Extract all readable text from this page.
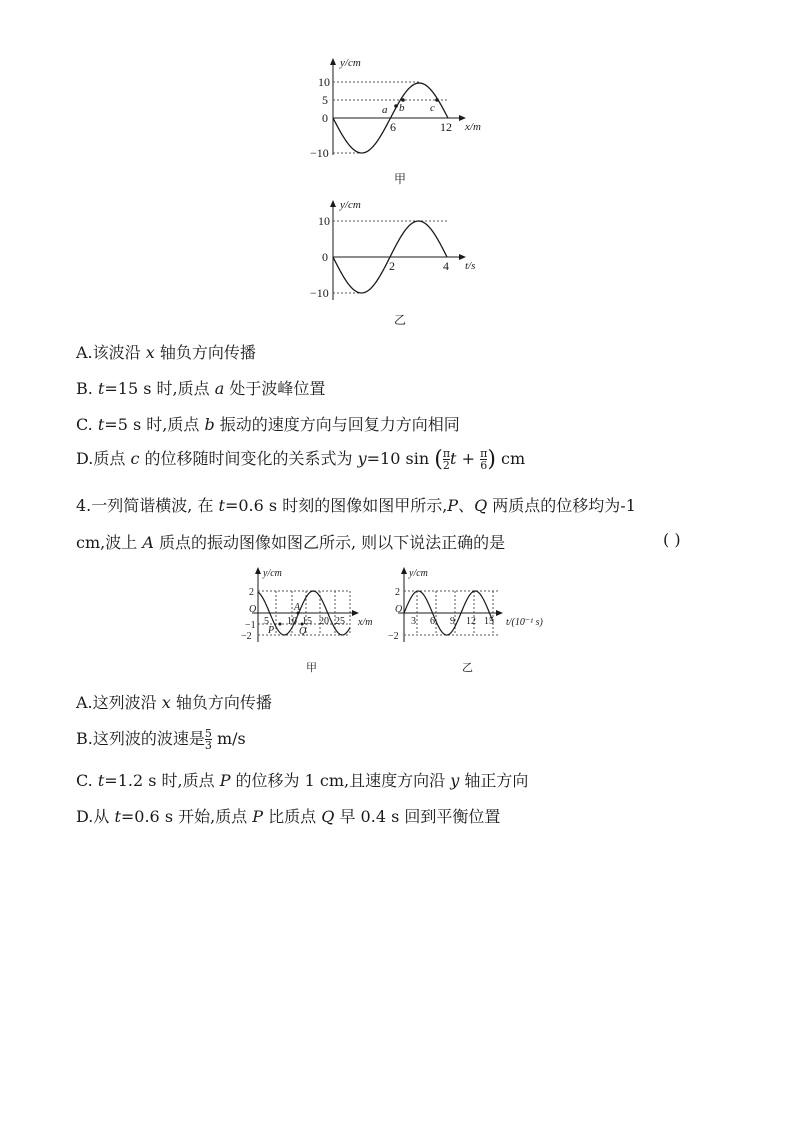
y/cm
x/m
10
5
0
−10
6	12
a b c
甲
y/cm
t/s
10
0
−10
2	4
乙
A.该波沿 x 轴负方向传播
B. t=15 s 时,质点 a 处于波峰位置
C. t=5 s 时,质点 b 振动的速度方向与回复力方向相同
D.质点 c 的位移随时间变化的关系式为 y=10 sin ( $\frac{\pi}{2}$ $t + \frac{\pi}{6}$ ) cm
4.一列简谐横波, 在 t=0.6 s 时刻的图像如图甲所示,P、Q 两质点的位移均为-1
cm,波上 A 质点的振动图像如图乙所示, 则以下说法正确的是	( )
y/cm
x/m
2
O
−1
−2
5 10 15 20 25
A
P Q
甲
y/cm
t/(10⁻¹ s)
2
O
−2
3 6 9 12 15
乙
A.这列波沿 x 轴负方向传播
B.这列波的波速是 $\frac{5}{3} m/s$
C. t=1.2 s 时,质点 P 的位移为 1 cm,且速度方向沿 y 轴正方向
D.从 t=0.6 s 开始,质点 P 比质点 Q 早 0.4 s 回到平衡位置
